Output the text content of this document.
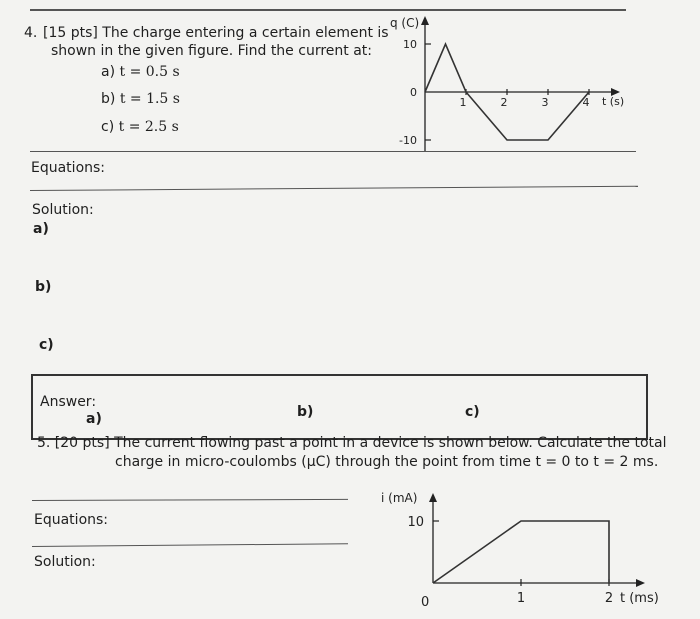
4. [15 pts] The charge entering a certain element is
shown in the given figure. Find the current at:
a) t = 0.5 s
b) t = 1.5 s
c) t = 2.5 s
q (C)
t (s)
10
0
-10
1	2	3	4
Equations:
Solution:
a)
b)
c)
Answer:
a)	b)	c)
5. [20 pts] The current flowing past a point in a device is shown below. Calculate the total
charge in micro-coulombs (μC) through the point from time t = 0 to t = 2 ms.
Equations:
Solution:
i (mA)
t (ms)
0
10
1	2
